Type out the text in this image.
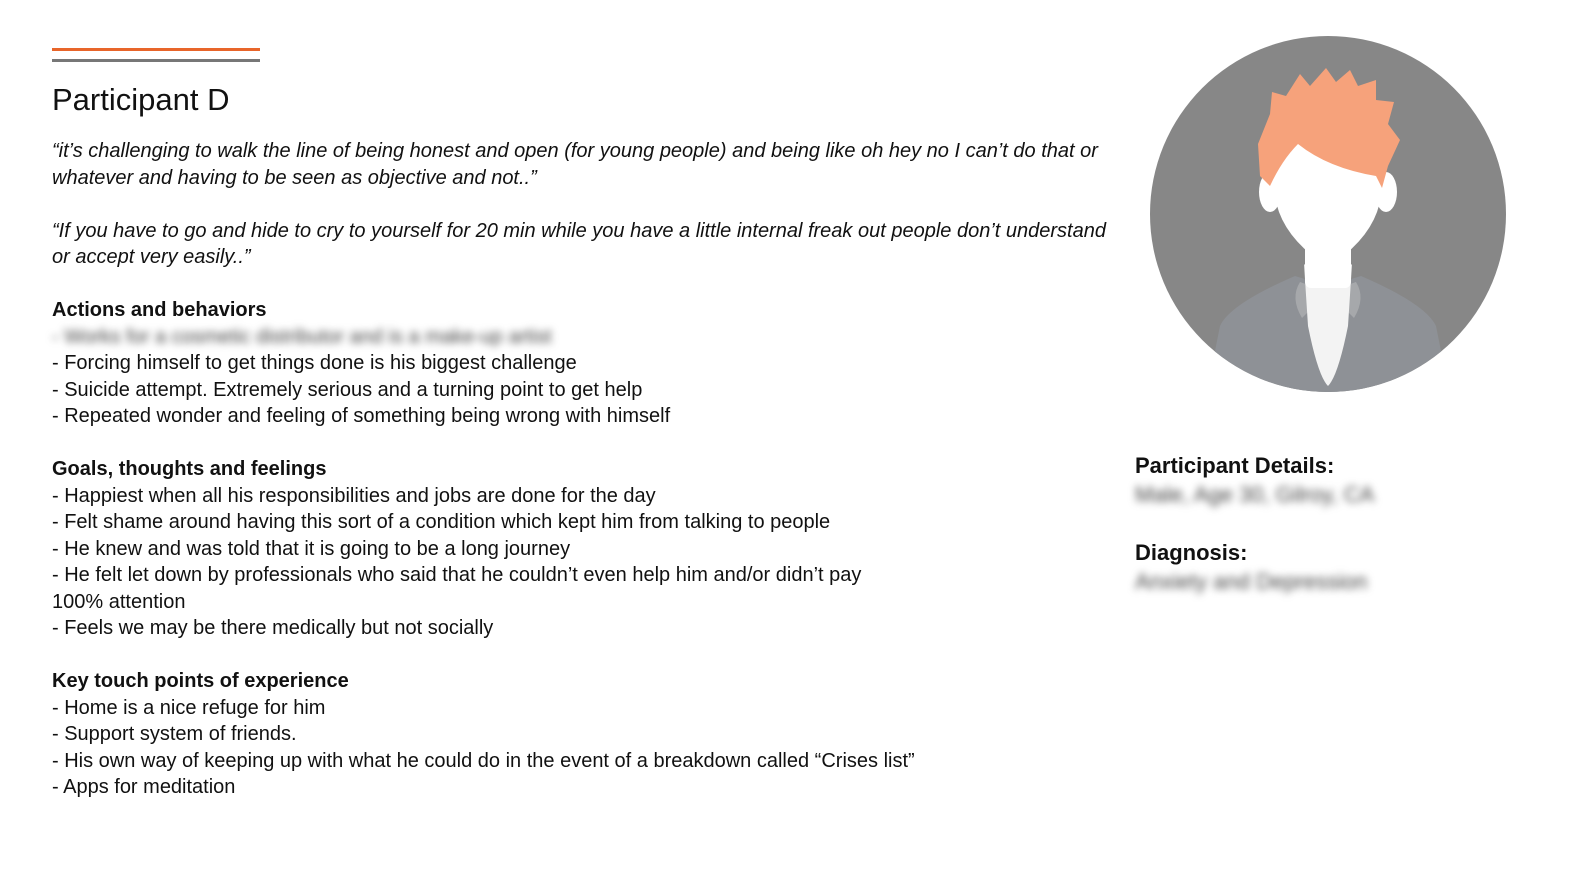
Participant D

“it’s challenging to walk the line of being honest and open (for young people) and being like oh hey no I can’t do that or whatever and having to be seen as objective and not..”

“If you have to go and hide to cry to yourself for 20 min while you have a little internal freak out people don’t understand or accept very easily..”

Actions and behaviors

- Works for a cosmetic distributor and is a make-up artist

- Forcing himself to get things done is his biggest challenge

- Suicide attempt. Extremely serious and a turning point to get help

- Repeated wonder and feeling of something being wrong with himself

Goals, thoughts and feelings

- Happiest when all his responsibilities and jobs are done for the day

- Felt shame around having this sort of a condition which kept him from talking to people

- He knew and was told that it is going to be a long journey

- He felt let down by professionals who said that he couldn’t even help him and/or didn’t pay

100% attention

- Feels we may be there medically but not socially

Key touch points of experience

- Home is a nice refuge for him

- Support system of friends.

- His own way of keeping up with what he could do in the event of a breakdown called “Crises list”

- Apps for meditation

Participant Details:

Male, Age 30, Gilroy, CA

Diagnosis:

Anxiety and Depression
